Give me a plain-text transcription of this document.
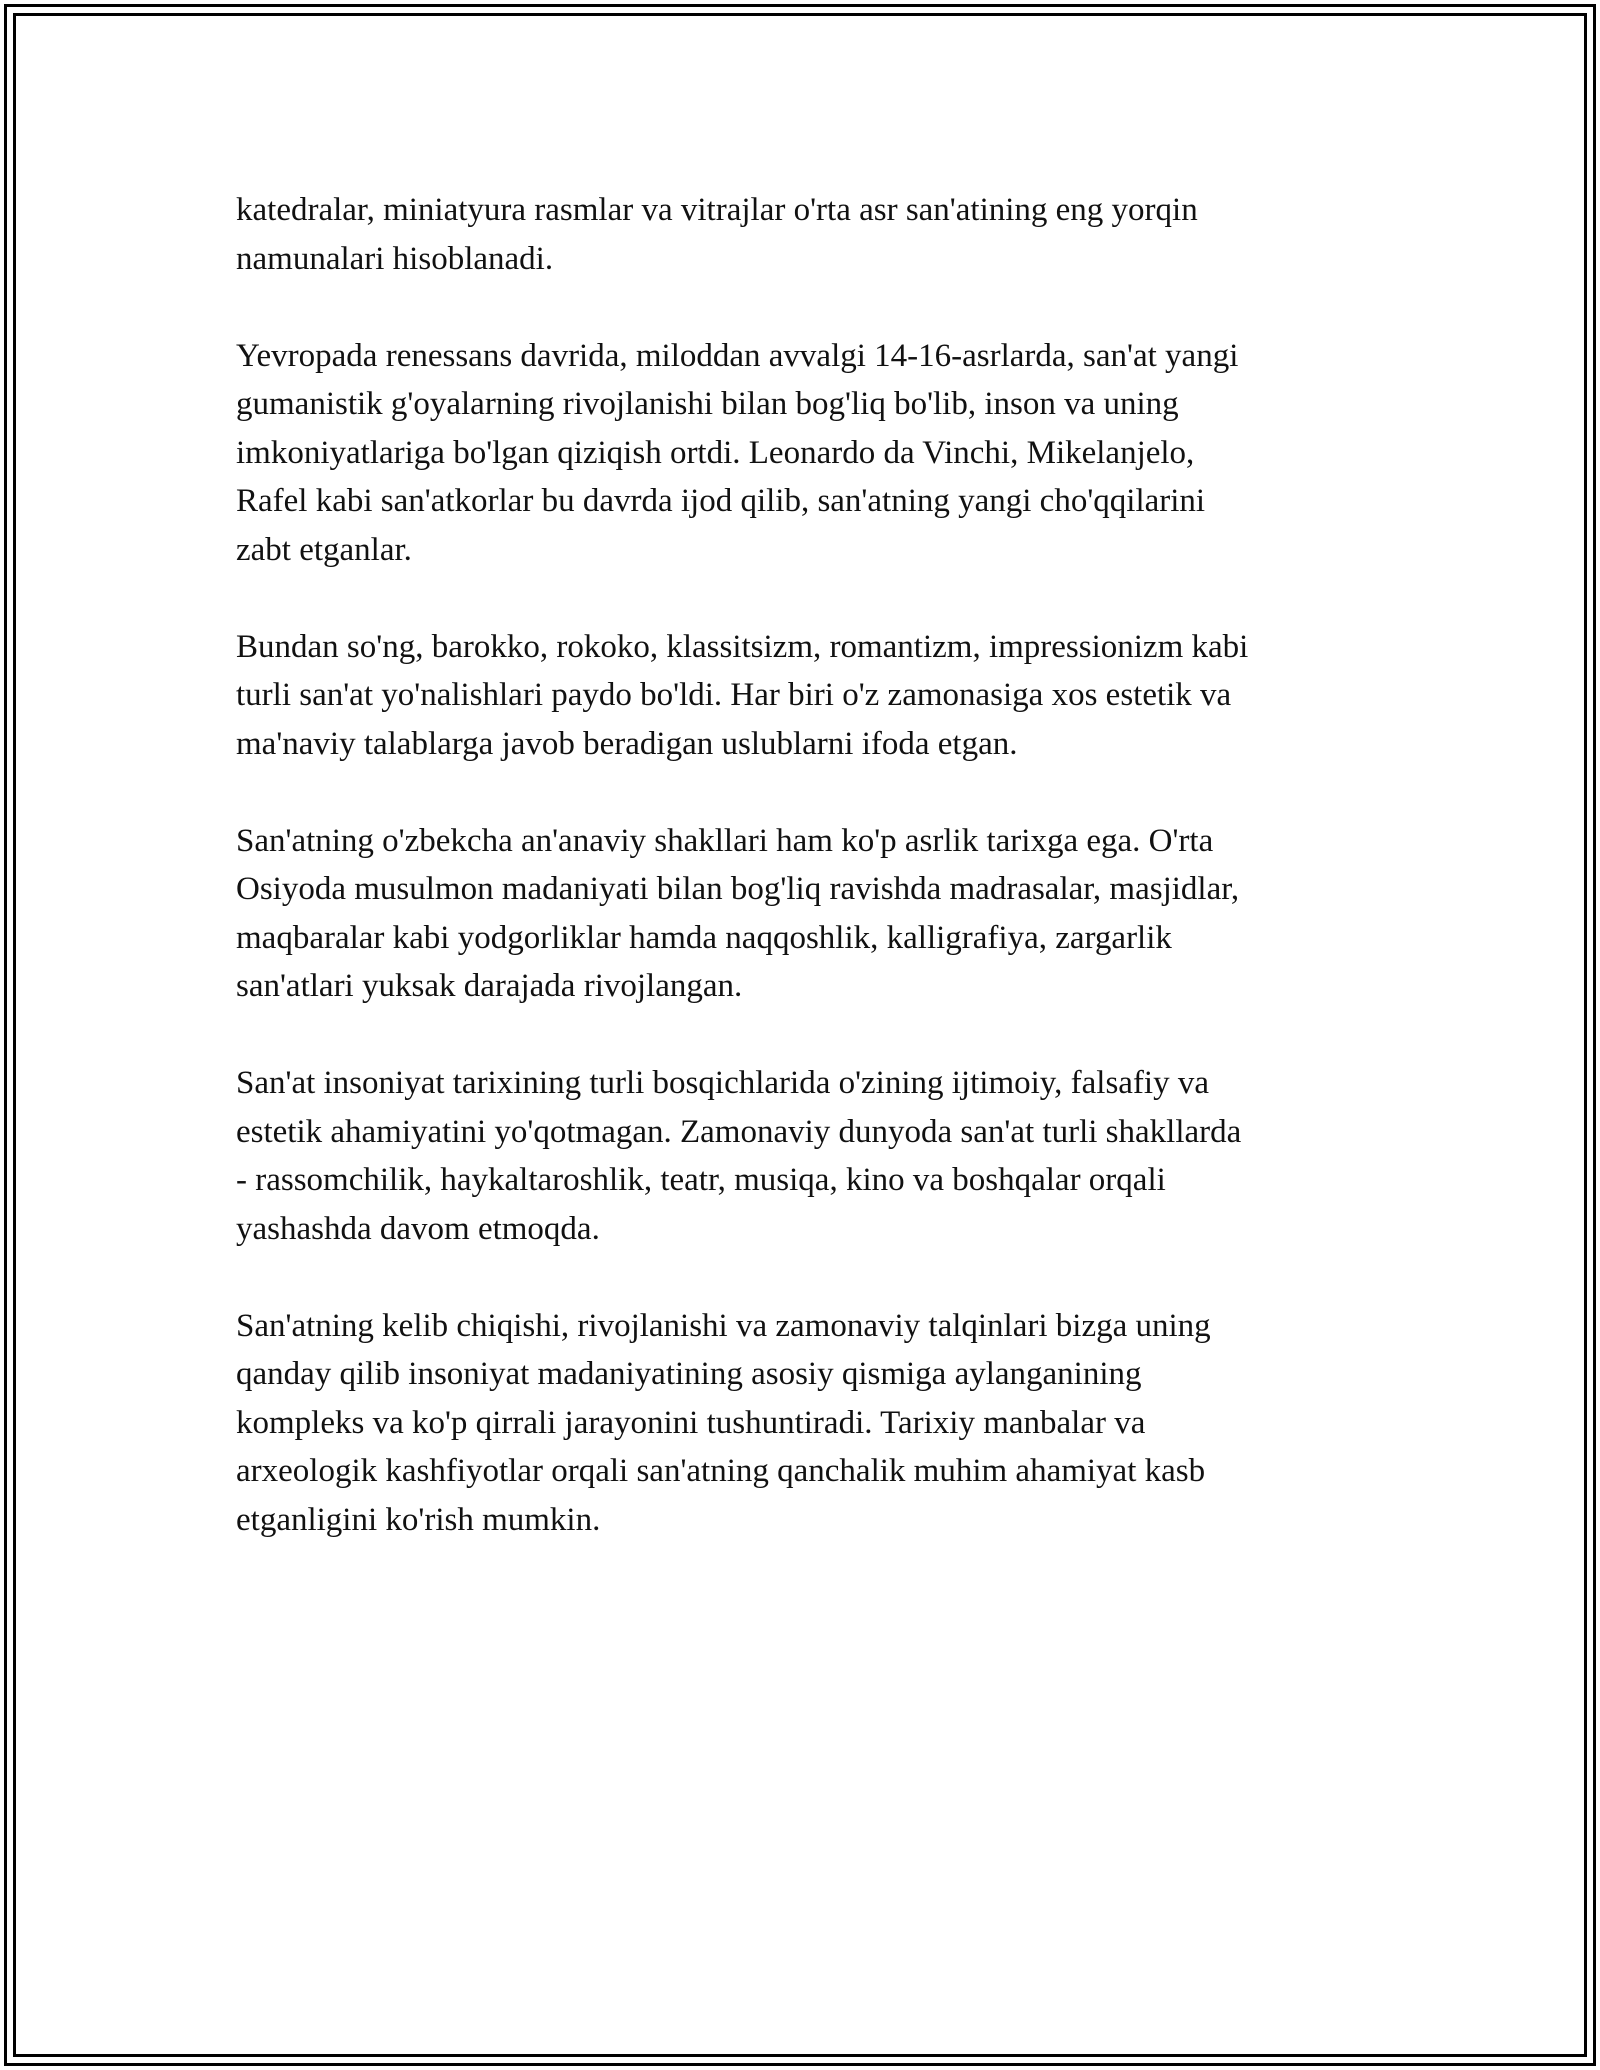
katedralar, miniatyura rasmlar va vitrajlar o'rta asr san'atining eng yorqin
namunalari hisoblanadi.

Yevropada renessans davrida, miloddan avvalgi 14-16-asrlarda, san'at yangi
gumanistik g'oyalarning rivojlanishi bilan bog'liq bo'lib, inson va uning
imkoniyatlariga bo'lgan qiziqish ortdi. Leonardo da Vinchi, Mikelanjelo,
Rafel kabi san'atkorlar bu davrda ijod qilib, san'atning yangi cho'qqilarini
zabt etganlar.

Bundan so'ng, barokko, rokoko, klassitsizm, romantizm, impressionizm kabi
turli san'at yo'nalishlari paydo bo'ldi. Har biri o'z zamonasiga xos estetik va
ma'naviy talablarga javob beradigan uslublarni ifoda etgan.

San'atning o'zbekcha an'anaviy shakllari ham ko'p asrlik tarixga ega. O'rta
Osiyoda musulmon madaniyati bilan bog'liq ravishda madrasalar, masjidlar,
maqbaralar kabi yodgorliklar hamda naqqoshlik, kalligrafiya, zargarlik
san'atlari yuksak darajada rivojlangan.

San'at insoniyat tarixining turli bosqichlarida o'zining ijtimoiy, falsafiy va
estetik ahamiyatini yo'qotmagan. Zamonaviy dunyoda san'at turli shakllarda
- rassomchilik, haykaltaroshlik, teatr, musiqa, kino va boshqalar orqali
yashashda davom etmoqda.

San'atning kelib chiqishi, rivojlanishi va zamonaviy talqinlari bizga uning
qanday qilib insoniyat madaniyatining asosiy qismiga aylanganining
kompleks va ko'p qirrali jarayonini tushuntiradi. Tarixiy manbalar va
arxeologik kashfiyotlar orqali san'atning qanchalik muhim ahamiyat kasb
etganligini ko'rish mumkin.
